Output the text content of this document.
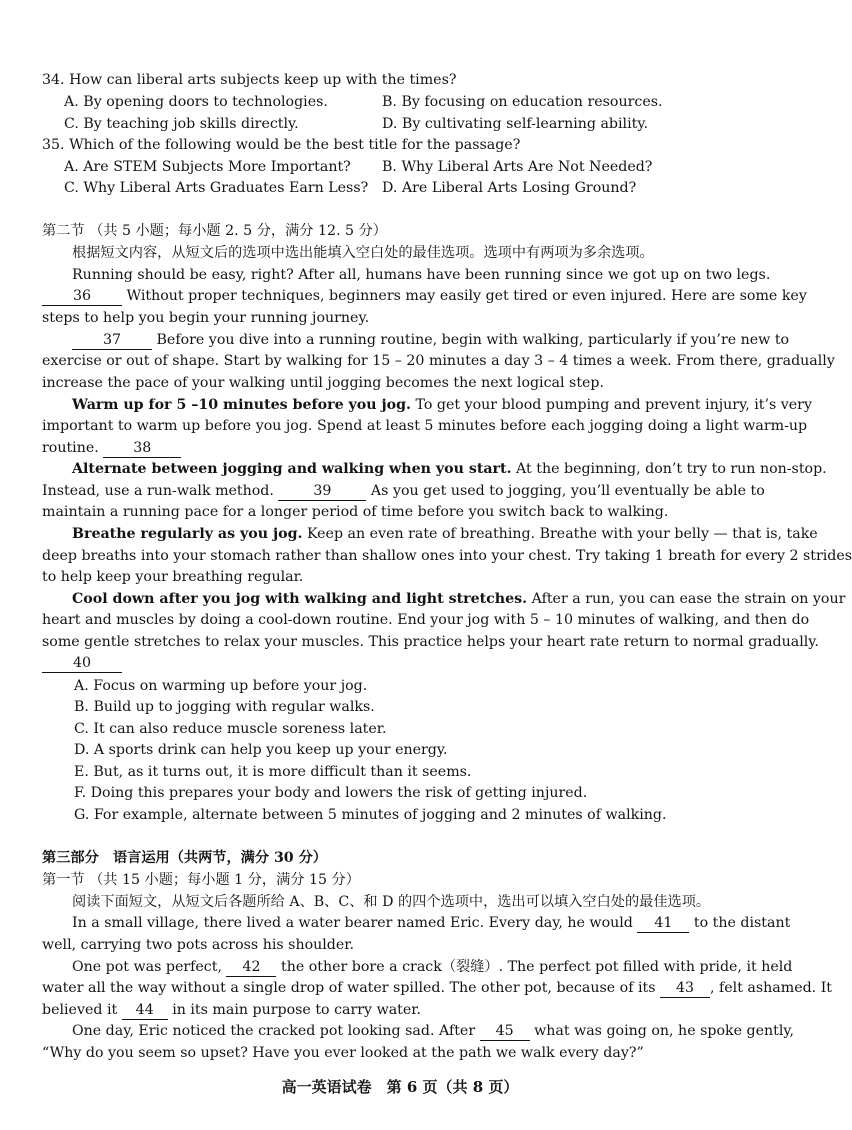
34. How can liberal arts subjects keep up with the times?
A. By opening doors to technologies.	B. By focusing on education resources.
C. By teaching job skills directly.	D. By cultivating self-learning ability.
35. Which of the following would be the best title for the passage?
A. Are STEM Subjects More Important? B. Why Liberal Arts Are Not Needed?
C. Why Liberal Arts Graduates Earn Less? D. Are Liberal Arts Losing Ground?
第二节 （共 5 小题；每小题 2. 5 分，满分 12. 5 分）
根据短文内容，从短文后的选项中选出能填入空白处的最佳选项。选项中有两项为多余选项。
Running should be easy, right? After all, humans have been running since we got up on two legs.
36 Without proper techniques, beginners may easily get tired or even injured. Here are some key
steps to help you begin your running journey.
37 Before you dive into a running routine, begin with walking, particularly if you’re new to
exercise or out of shape. Start by walking for 15 – 20 minutes a day 3 – 4 times a week. From there, gradually
increase the pace of your walking until jogging becomes the next logical step.
Warm up for 5 –10 minutes before you jog. To get your blood pumping and prevent injury, it’s very
important to warm up before you jog. Spend at least 5 minutes before each jogging doing a light warm-up
routine. 38
Alternate between jogging and walking when you start. At the beginning, don’t try to run non-stop.
Instead, use a run-walk method. 39 As you get used to jogging, you’ll eventually be able to
maintain a running pace for a longer period of time before you switch back to walking.
Breathe regularly as you jog. Keep an even rate of breathing. Breathe with your belly — that is, take
deep breaths into your stomach rather than shallow ones into your chest. Try taking 1 breath for every 2 strides
to help keep your breathing regular.
Cool down after you jog with walking and light stretches. After a run, you can ease the strain on your
heart and muscles by doing a cool-down routine. End your jog with 5 – 10 minutes of walking, and then do
some gentle stretches to relax your muscles. This practice helps your heart rate return to normal gradually.
40
A. Focus on warming up before your jog.
B. Build up to jogging with regular walks.
C. It can also reduce muscle soreness later.
D. A sports drink can help you keep up your energy.
E. But, as it turns out, it is more difficult than it seems.
F. Doing this prepares your body and lowers the risk of getting injured.
G. For example, alternate between 5 minutes of jogging and 2 minutes of walking.
第三部分　语言运用（共两节，满分 30 分）
第一节 （共 15 小题；每小题 1 分，满分 15 分）
阅读下面短文，从短文后各题所给 A、B、C、和 D 的四个选项中，选出可以填入空白处的最佳选项。
In a small village, there lived a water bearer named Eric. Every day, he would 41 to the distant
well, carrying two pots across his shoulder.
One pot was perfect, 42 the other bore a crack（裂缝）. The perfect pot filled with pride, it held
water all the way without a single drop of water spilled. The other pot, because of its 43 , felt ashamed. It
believed it 44 in its main purpose to carry water.
One day, Eric noticed the cracked pot looking sad. After 45 what was going on, he spoke gently,
“Why do you seem so upset? Have you ever looked at the path we walk every day?”
高一英语试卷　第 6 页（共 8 页）
